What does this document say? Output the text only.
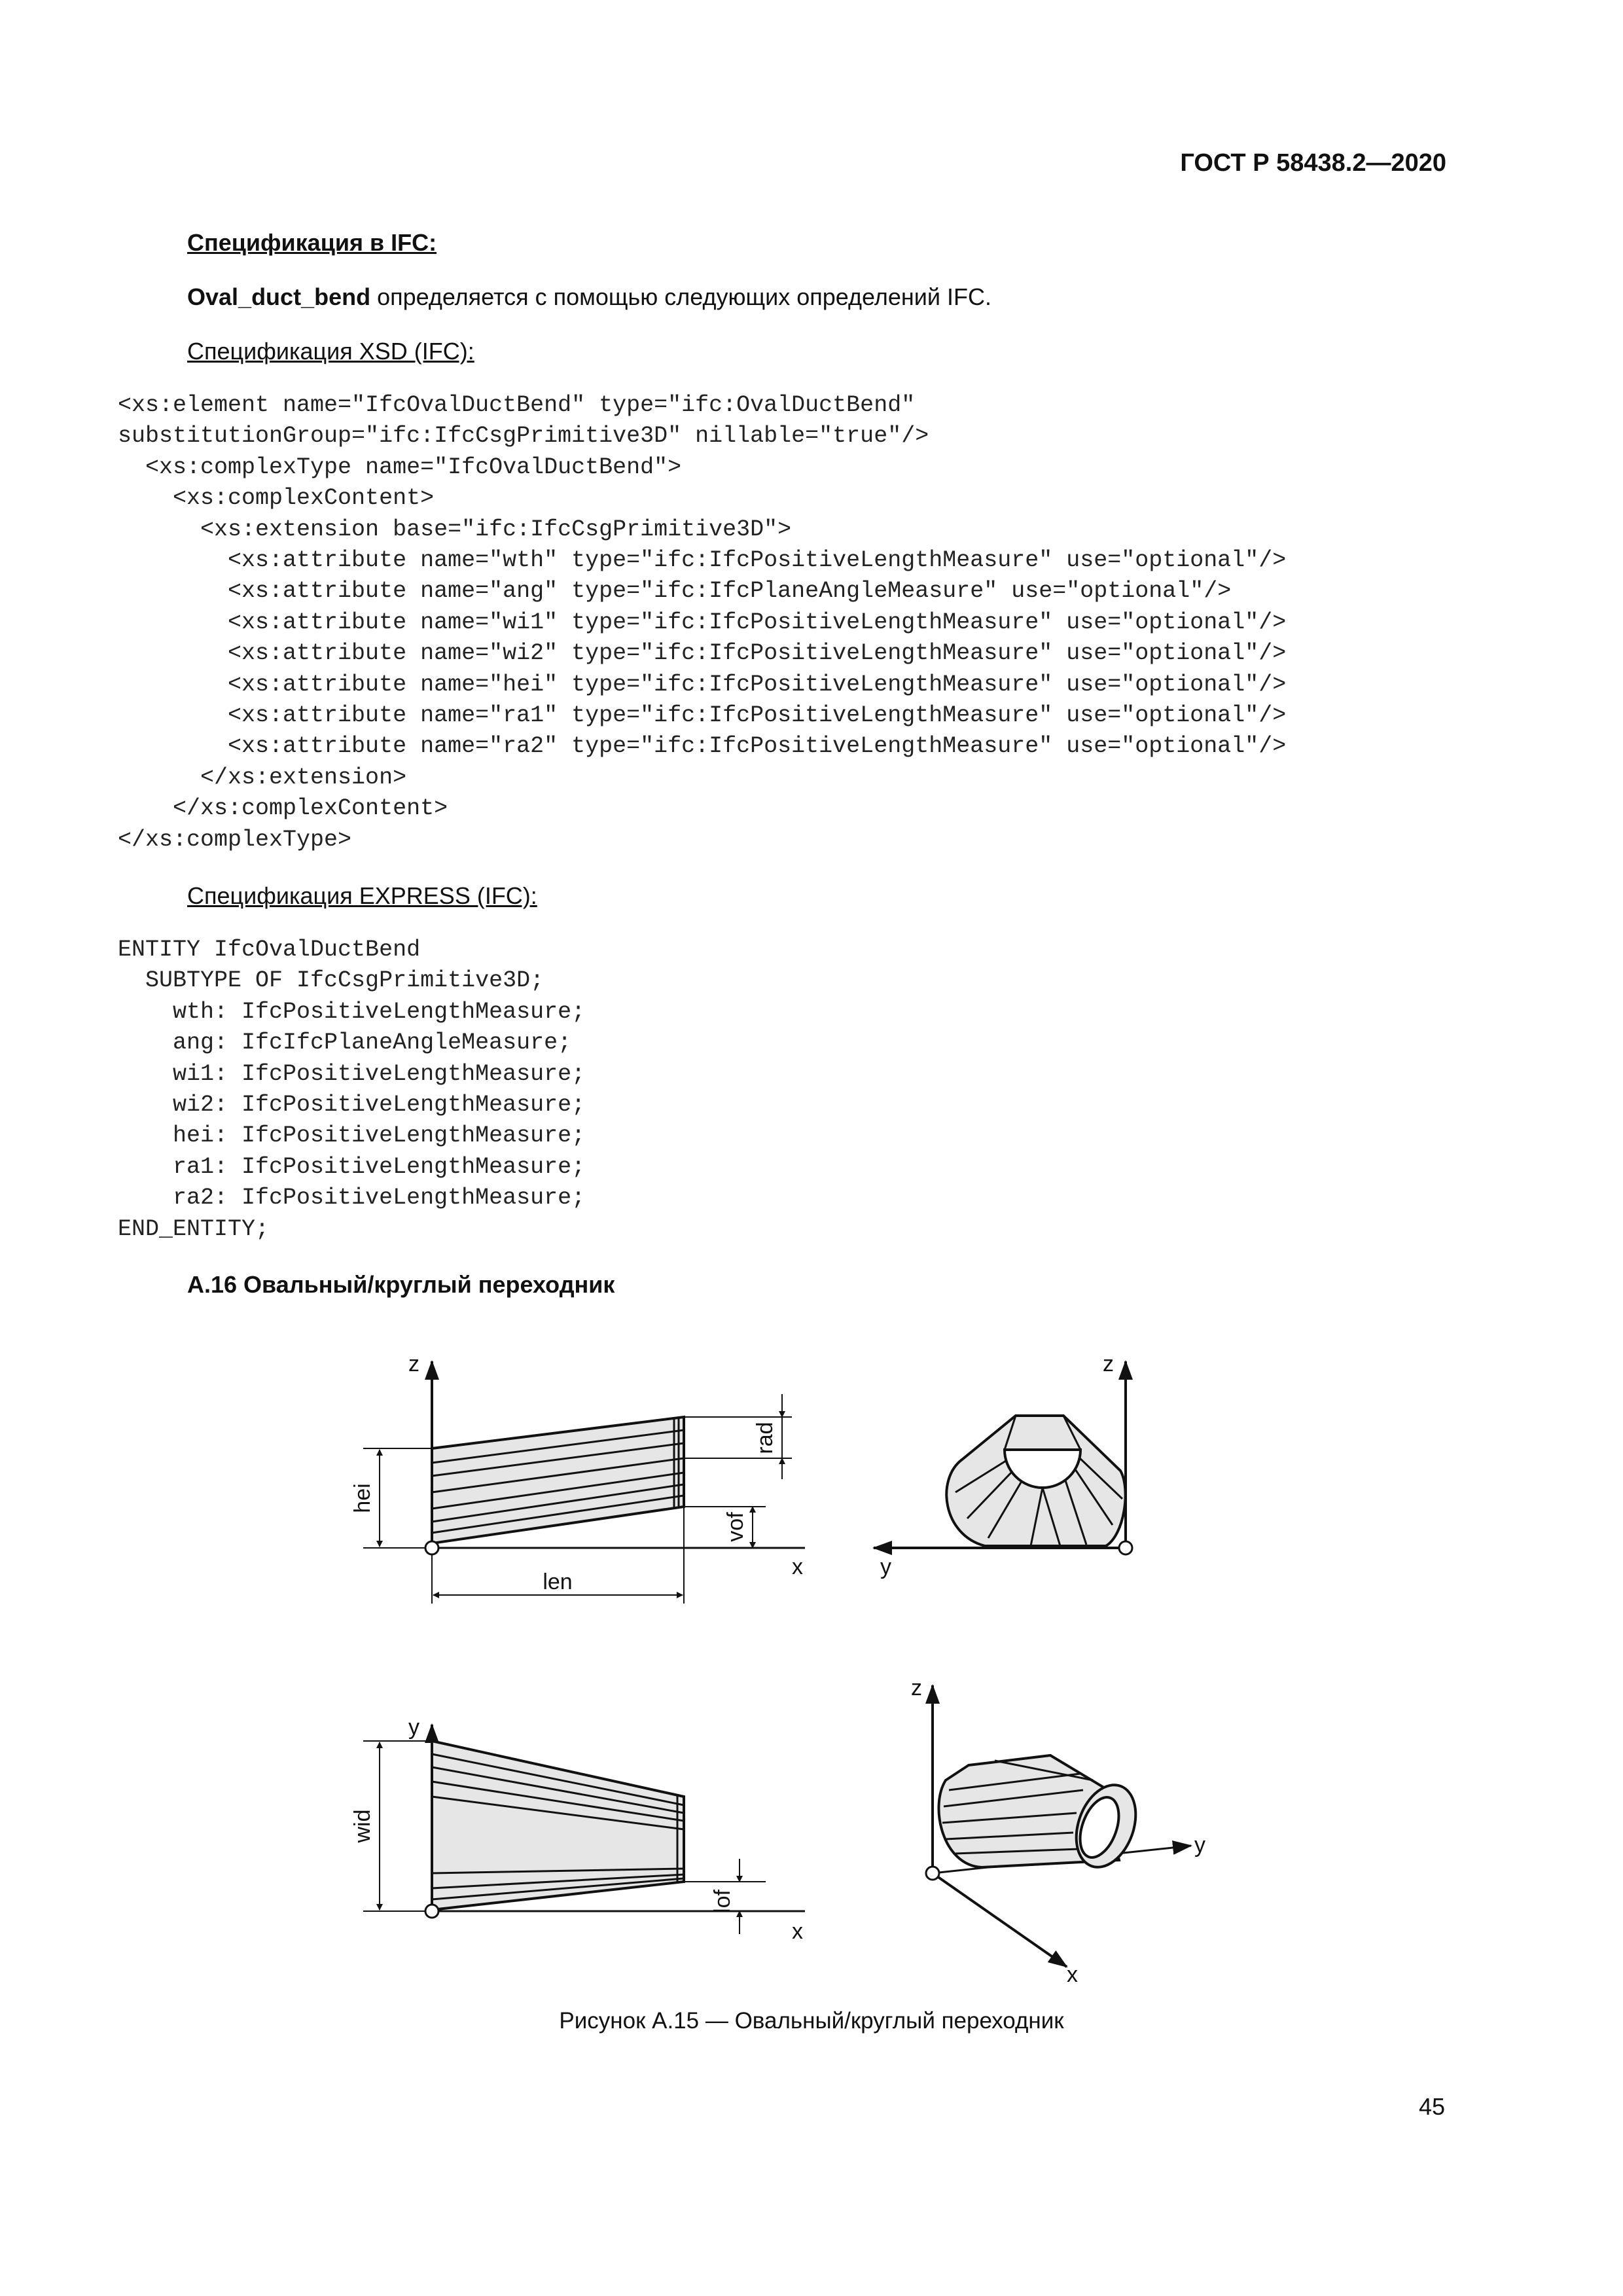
ГОСТ Р 58438.2—2020
Спецификация в IFC:
Oval_duct_bend определяется с помощью следующих определений IFC.
Спецификация XSD (IFC):
<xs:element name="IfcOvalDuctBend" type="ifc:OvalDuctBend"
substitutionGroup="ifc:IfcCsgPrimitive3D" nillable="true"/>
<xs:complexType name="IfcOvalDuctBend">
<xs:complexContent>
<xs:extension base="ifc:IfcCsgPrimitive3D">
<xs:attribute name="wth" type="ifc:IfcPositiveLengthMeasure" use="optional"/>
<xs:attribute name="ang" type="ifc:IfcPlaneAngleMeasure" use="optional"/>
<xs:attribute name="wi1" type="ifc:IfcPositiveLengthMeasure" use="optional"/>
<xs:attribute name="wi2" type="ifc:IfcPositiveLengthMeasure" use="optional"/>
<xs:attribute name="hei" type="ifc:IfcPositiveLengthMeasure" use="optional"/>
<xs:attribute name="ra1" type="ifc:IfcPositiveLengthMeasure" use="optional"/>
<xs:attribute name="ra2" type="ifc:IfcPositiveLengthMeasure" use="optional"/>
</xs:extension>
</xs:complexContent>
</xs:complexType>
Спецификация EXPRESS (IFC):
ENTITY IfcOvalDuctBend
SUBTYPE OF IfcCsgPrimitive3D;
wth: IfcPositiveLengthMeasure;
ang: IfcIfcPlaneAngleMeasure;
wi1: IfcPositiveLengthMeasure;
wi2: IfcPositiveLengthMeasure;
hei: IfcPositiveLengthMeasure;
ra1: IfcPositiveLengthMeasure;
ra2: IfcPositiveLengthMeasure;
END_ENTITY;
А.16 Овальный/круглый переходник
z
x
hei
rad
vof
len
z
y
y
x
wid
lof
z
y
x
Рисунок А.15 — Овальный/круглый переходник
45
